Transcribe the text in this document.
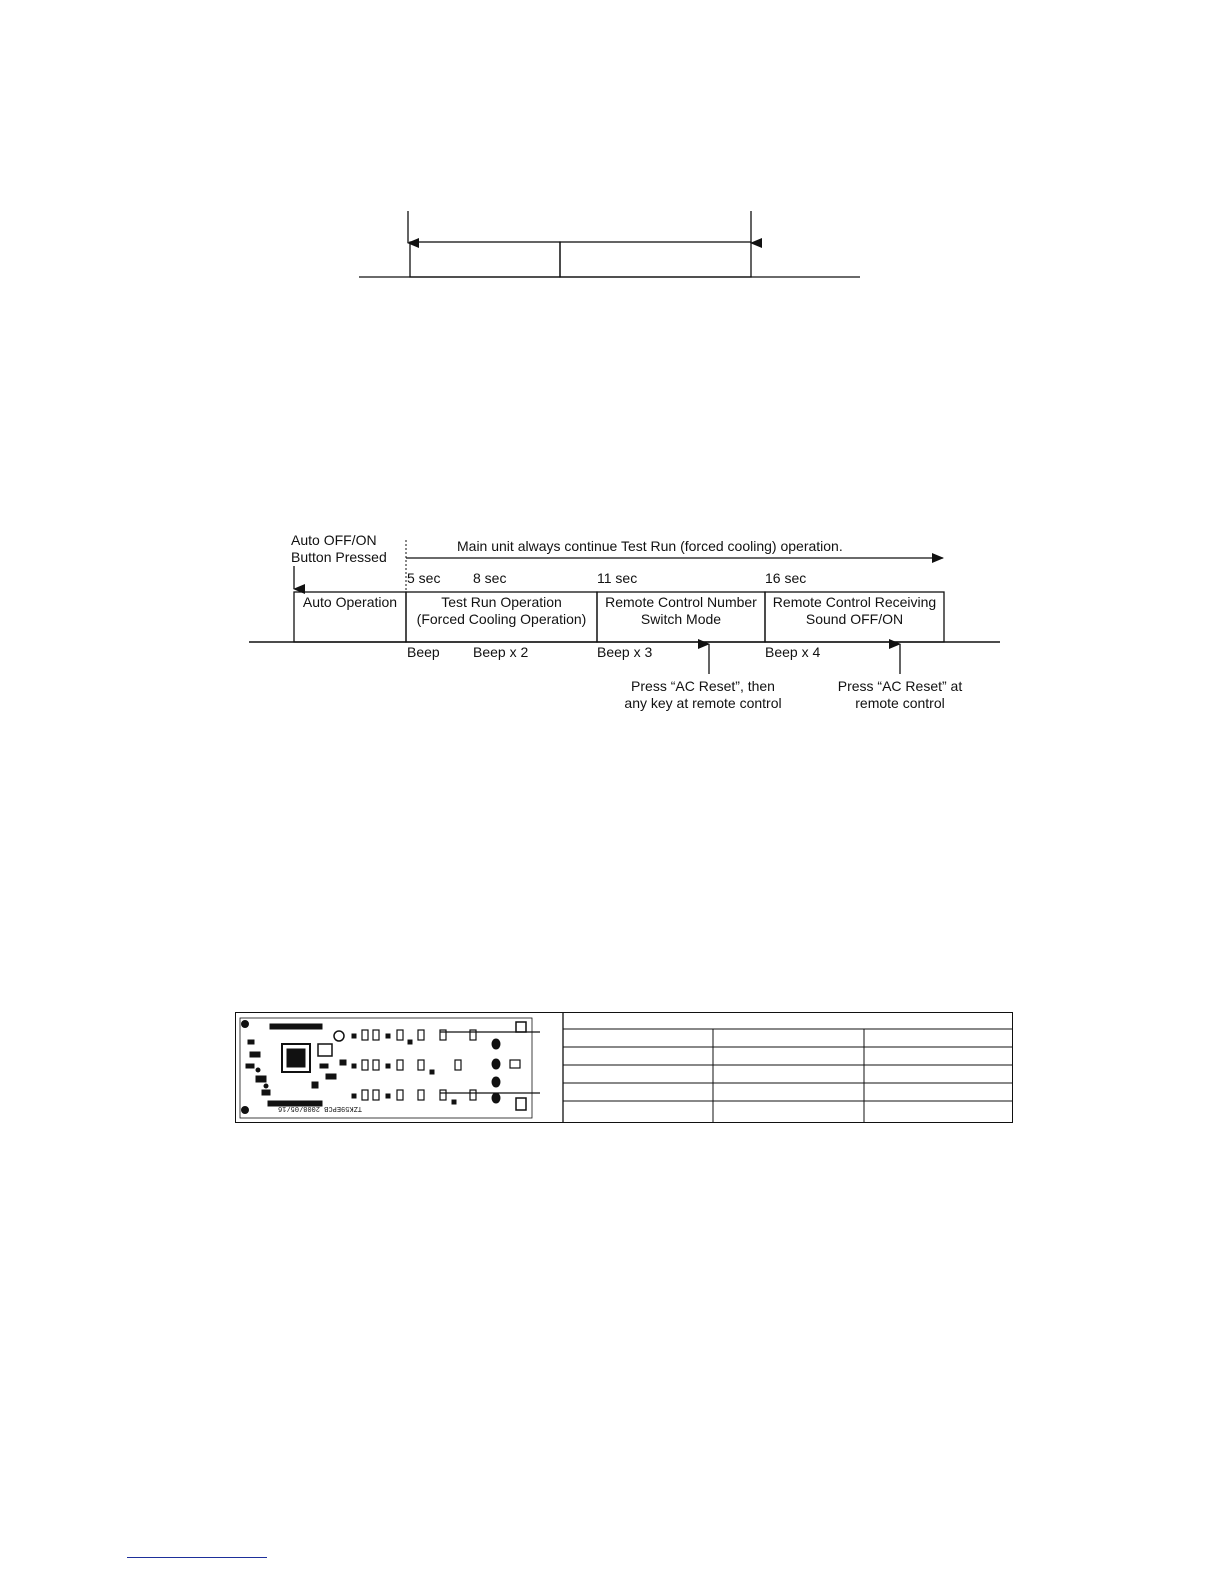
Auto OFF/ON
Button Pressed
Main unit always continue Test Run (forced cooling) operation.
5 sec 8 sec	11 sec	16 sec
Auto Operation	Test Run Operation
(Forced Cooling Operation)
Remote Control Number
Switch Mode
Remote Control Receiving
Sound OFF/ON
Beep Beep x 2	Beep x 3	Beep x 4
Press “AC Reset”, then
any key at remote control
Press “AC Reset” at
remote control
TZK59EPCB 2008/05/16
